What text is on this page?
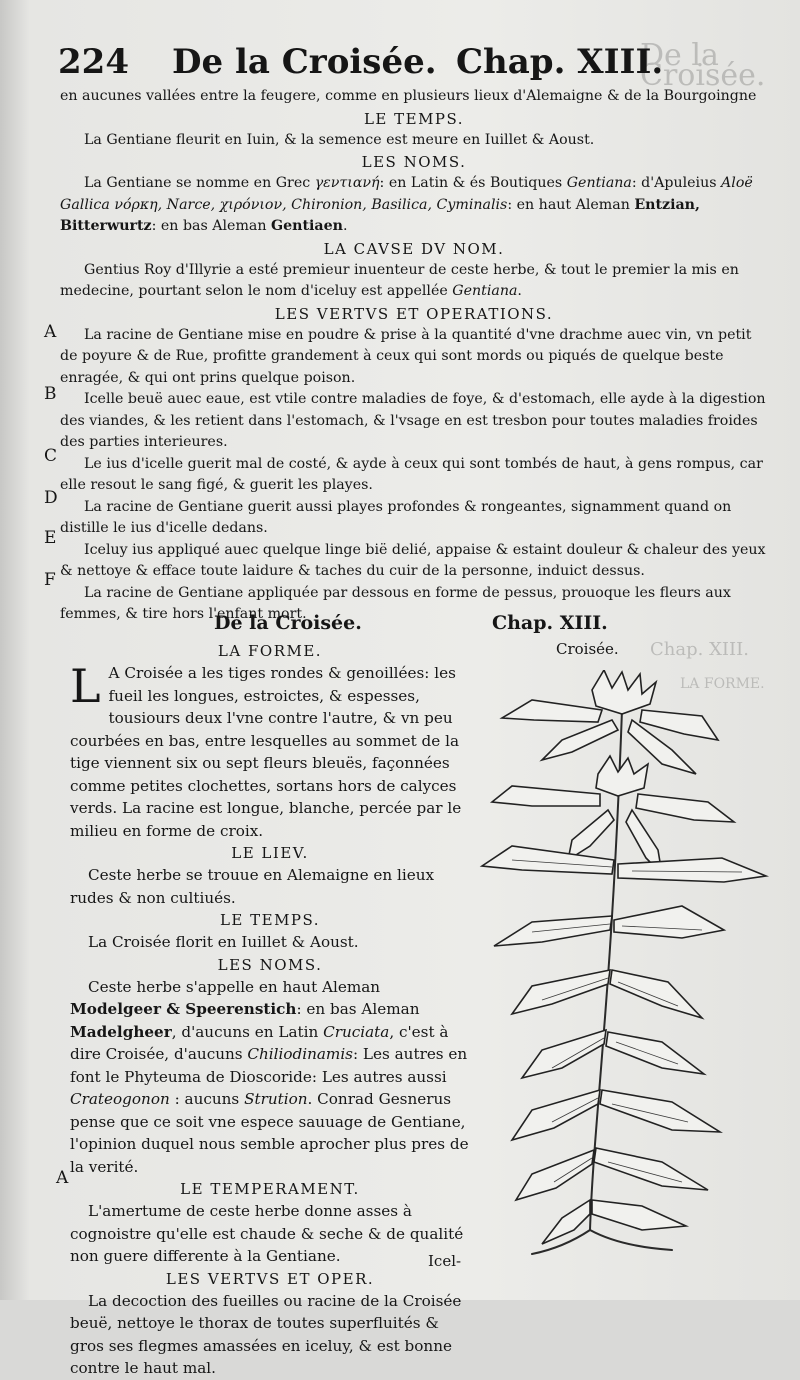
De la Croisée.
Chap. XIII.
LA FORME.
224 De la Croisée. Chap. XIII.
en aucunes vallées entre la feugere, comme en plusieurs lieux d'Alemaigne & de la Bourgoingne
LE TEMPS.
La Gentiane fleurit en Iuin, & la semence est meure en Iuillet & Aoust.
LES NOMS.
La Gentiane se nomme en Grec γεντιανή: en Latin & és Boutiques Gentiana: d'Apuleius Aloë Gallica νόρκη, Narce, χιρόνιον, Chironion, Basilica, Cyminalis: en haut Aleman Entzian, Bitterwurtz: en bas Aleman Gentiaen.
LA CAVSE DV NOM.
Gentius Roy d'Illyrie a esté premieur inuenteur de ceste herbe, & tout le premier la mis en medecine, pourtant selon le nom d'iceluy est appellée Gentiana.
LES VERTVS ET OPERATIONS.
La racine de Gentiane mise en poudre & prise à la quantité d'vne drachme auec vin, vn petit de poyure & de Rue, profitte grandement à ceux qui sont mords ou piqués de quelque beste enragée, & qui ont prins quelque poison.
Icelle beuë auec eaue, est vtile contre maladies de foye, & d'estomach, elle ayde à la digestion des viandes, & les retient dans l'estomach, & l'vsage en est tresbon pour toutes maladies froides des parties interieures.
Le ius d'icelle guerit mal de costé, & ayde à ceux qui sont tombés de haut, à gens rompus, car elle resout le sang figé, & guerit les playes.
La racine de Gentiane guerit aussi playes profondes & rongeantes, signamment quand on distille le ius d'icelle dedans.
Iceluy ius appliqué auec quelque linge bië delié, appaise & estaint douleur & chaleur des yeux & nettoye & efface toute laidure & taches du cuir de la personne, induict dessus.
La racine de Gentiane appliquée par dessous en forme de pessus, prouoque les fleurs aux femmes, & tire hors l'enfant mort.
A
B
C
D
E
F
De la Croisée.	Chap. XIII.
Croisée.
LA FORME.
L A Croisée a les tiges rondes & genoillées: les fueil les longues, estroictes, & espesses, tousiours deux l'vne contre l'autre, & vn peu courbées en bas, entre lesquelles au sommet de la tige viennent six ou sept fleurs bleuës, façonnées comme petites clochettes, sortans hors de calyces verds. La racine est longue, blanche, percée par le milieu en forme de croix.
LE LIEV.
Ceste herbe se trouue en Alemaigne en lieux rudes & non cultiués.
LE TEMPS.
La Croisée florit en Iuillet & Aoust.
LES NOMS.
Ceste herbe s'appelle en haut Aleman Modelgeer & Speerenstich: en bas Aleman Madelgheer, d'aucuns en Latin Cruciata, c'est à dire Croisée, d'aucuns Chiliodinamis: Les autres en font le Phyteuma de Dioscoride: Les autres aussi Crateogonon : aucuns Strution. Conrad Gesnerus pense que ce soit vne espece sauuage de Gentiane, l'opinion duquel nous semble aprocher plus pres de la verité.
LE TEMPERAMENT.
L'amertume de ceste herbe donne asses à cognoistre qu'elle est chaude & seche & de qualité non guere differente à la Gentiane.
LES VERTVS ET OPER.
La decoction des fueilles ou racine de la Croisée beuë, nettoye le thorax de toutes superfluités & gros ses flegmes amassées en iceluy, & est bonne contre le haut mal.
A
Icel-
